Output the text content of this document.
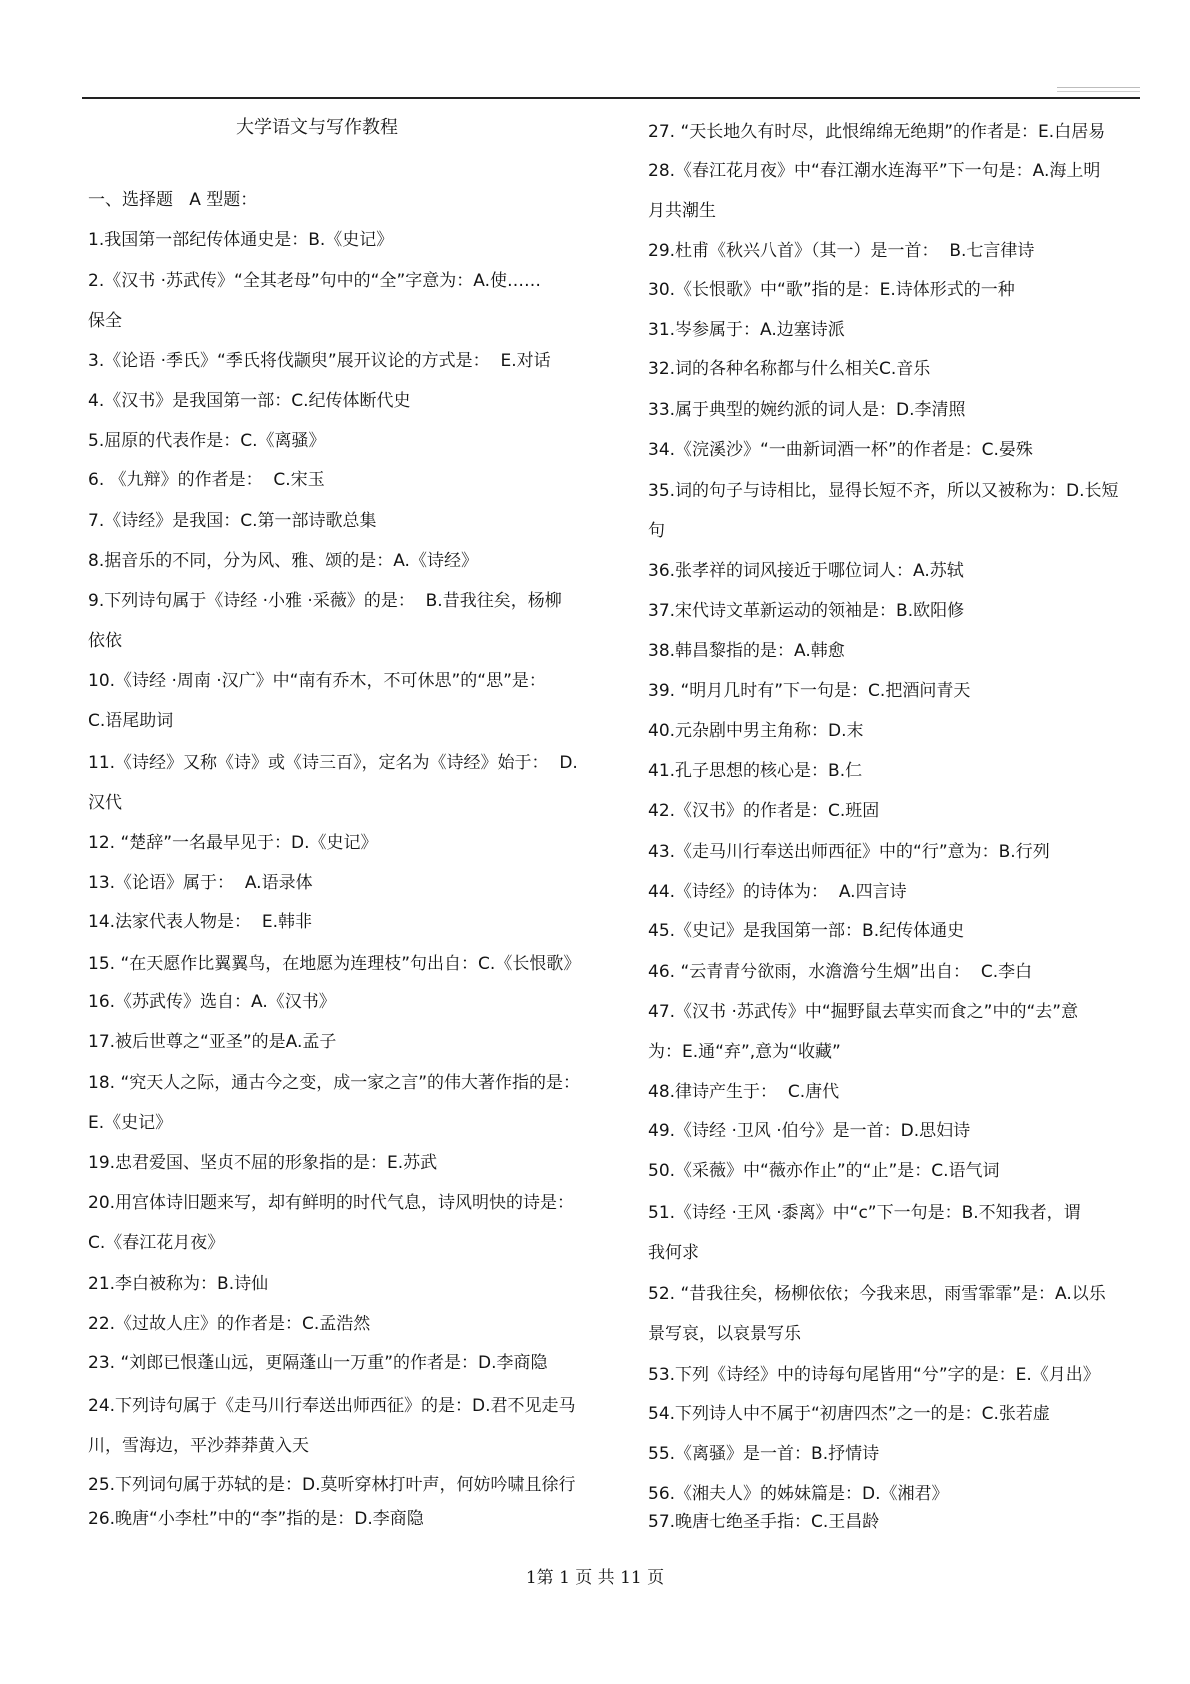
大学语文与写作教程
一、选择题   A 型题：
1.我国第一部纪传体通史是：B.《史记》
2.《汉书 ·苏武传》“全其老母”句中的“全”字意为：A.使……
保全
3.《论语 ·季氏》“季氏将伐颛臾”展开议论的方式是：  E.对话
4.《汉书》是我国第一部：C.纪传体断代史
5.屈原的代表作是：C.《离骚》
6. 《九辩》的作者是：  C.宋玉
7.《诗经》是我国：C.第一部诗歌总集
8.据音乐的不同，分为风、雅、颂的是：A.《诗经》
9.下列诗句属于《诗经 ·小雅 ·采薇》的是：  B.昔我往矣，杨柳
依依
10.《诗经 ·周南 ·汉广》中“南有乔木，不可休思”的“思”是：
C.语尾助词
11.《诗经》又称《诗》或《诗三百》，定名为《诗经》始于：  D.
汉代
12. “楚辞”一名最早见于：D.《史记》
13.《论语》属于：  A.语录体
14.法家代表人物是：  E.韩非
15. “在天愿作比翼翼鸟，在地愿为连理枝”句出自：C.《长恨歌》
16.《苏武传》选自：A.《汉书》
17.被后世尊之“亚圣”的是A.孟子
18. “究天人之际，通古今之变，成一家之言”的伟大著作指的是：
E.《史记》
19.忠君爱国、坚贞不屈的形象指的是：E.苏武
20.用宫体诗旧题来写，却有鲜明的时代气息，诗风明快的诗是：
C.《春江花月夜》
21.李白被称为：B.诗仙
22.《过故人庄》的作者是：C.孟浩然
23. “刘郎已恨蓬山远，更隔蓬山一万重”的作者是：D.李商隐
24.下列诗句属于《走马川行奉送出师西征》的是：D.君不见走马
川，雪海边，平沙莽莽黄入天
25.下列词句属于苏轼的是：D.莫听穿林打叶声，何妨吟啸且徐行
26.晚唐“小李杜”中的“李”指的是：D.李商隐
27. “天长地久有时尽，此恨绵绵无绝期”的作者是：E.白居易
28.《春江花月夜》中“春江潮水连海平”下一句是：A.海上明
月共潮生
29.杜甫《秋兴八首》（其一）是一首：  B.七言律诗
30.《长恨歌》中“歌”指的是：E.诗体形式的一种
31.岑参属于：A.边塞诗派
32.词的各种名称都与什么相关C.音乐
33.属于典型的婉约派的词人是：D.李清照
34.《浣溪沙》“一曲新词酒一杯”的作者是：C.晏殊
35.词的句子与诗相比，显得长短不齐，所以又被称为：D.长短
句
36.张孝祥的词风接近于哪位词人：A.苏轼
37.宋代诗文革新运动的领袖是：B.欧阳修
38.韩昌黎指的是：A.韩愈
39. “明月几时有”下一句是：C.把酒问青天
40.元杂剧中男主角称：D.末
41.孔子思想的核心是：B.仁
42.《汉书》的作者是：C.班固
43.《走马川行奉送出师西征》中的“行”意为：B.行列
44.《诗经》的诗体为：  A.四言诗
45.《史记》是我国第一部：B.纪传体通史
46. “云青青兮欲雨，水澹澹兮生烟”出自：  C.李白
47.《汉书 ·苏武传》中“掘野鼠去草实而食之”中的“去”意
为：E.通“弃”,意为“收藏”
48.律诗产生于：  C.唐代
49.《诗经 ·卫风 ·伯兮》是一首：D.思妇诗
50.《采薇》中“薇亦作止”的“止”是：C.语气词
51.《诗经 ·王风 ·黍离》中“c”下一句是：B.不知我者，谓
我何求
52. “昔我往矣，杨柳依依；今我来思，雨雪霏霏”是：A.以乐
景写哀，以哀景写乐
53.下列《诗经》中的诗每句尾皆用“兮”字的是：E.《月出》
54.下列诗人中不属于“初唐四杰”之一的是：C.张若虚
55.《离骚》是一首：B.抒情诗
56.《湘夫人》的姊妹篇是：D.《湘君》
57.晚唐七绝圣手指：C.王昌龄
1第 1 页 共 11 页
